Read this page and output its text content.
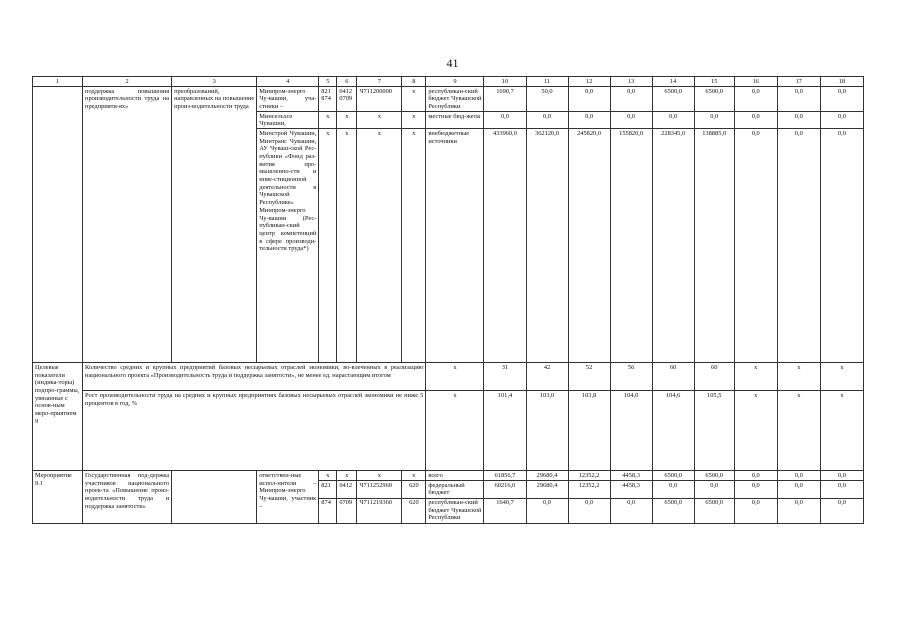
41
1	2	3	4	5	6	7	8	9	10	11	12	13	14	15	16	17	18
	поддержка повышения производительности труда на предприяти-ях»	преобразований, направленных на повышение произ-водительности труда	Минпром-энерго Чу-вашии, уча-стники –	821 874	0412 0709	Ч711200000	x	республикан-ский бюджет Чувашской Республики	1690,7	50,0	0,0	0,0	6500,0	6500,0	0,0	0,0	0,0
			Минсельхоз Чувашии,	x	x	x	x	местные бюд-жеты	0,0	0,0	0,0	0,0	0,0	0,0	0,0	0,0	0,0
			Минстрой Чувашии, Минтранс Чувашии, АУ Чуваш-ской Рес-публики «Фонд раз-вития про-мышленно-сти и инве-стиционной деятельности в Чувашской Республике» Минпром-энерго Чу-вашии (Рес-публикан-ский центр компетенций в сфере производи-тельности труда*)	x	x	x	x	внебюджетные источники	433960,0	362120,0	245820,0	155820,0	228345,0	138885,0	0,0	0,0	0,0
Целевые показатели (индика-торы) подпро-граммы, увязанные с основ-ным меро-приятием 9	Количество средних и крупных предприятий базовых несырьевых отраслей экономики, во-влеченных в реализацию национального проекта «Производительность труда и поддержка занятости», не менее ед. нарастающим итогом							x	31	42	52	56	60	60	x	x	x
	Рост производительности труда на средних и крупных предприятиях базовых несырьевых отраслей экономики не ниже 5 процентов в год, %							x	101,4	103,0	103,8	104,0	104,6	105,5	x	x	x
Мероприятие 9.1	Государственная под-держка участников национального проек-та «Повышение произ-водительности труда и поддержка занятости»		ответствен-ные испол-нители – Минпром-энерго Чу-вашии, участник –	x	x	x	x	всего	61856,7	29680,4	12352,2	4458,3	6500,0	6500,0	0,0	0,0	0,0
				821	0412	Ч711252960	620	федеральный бюджет	60216,0	29680,4	12352,2	4458,3	0,0	0,0	0,0	0,0	0,0
				874	0709	Ч711219360	620	республикан-ский бюджет Чувашской Республики	1640,7	0,0	0,0	0,0	6500,0	6500,0	0,0	0,0	0,0
